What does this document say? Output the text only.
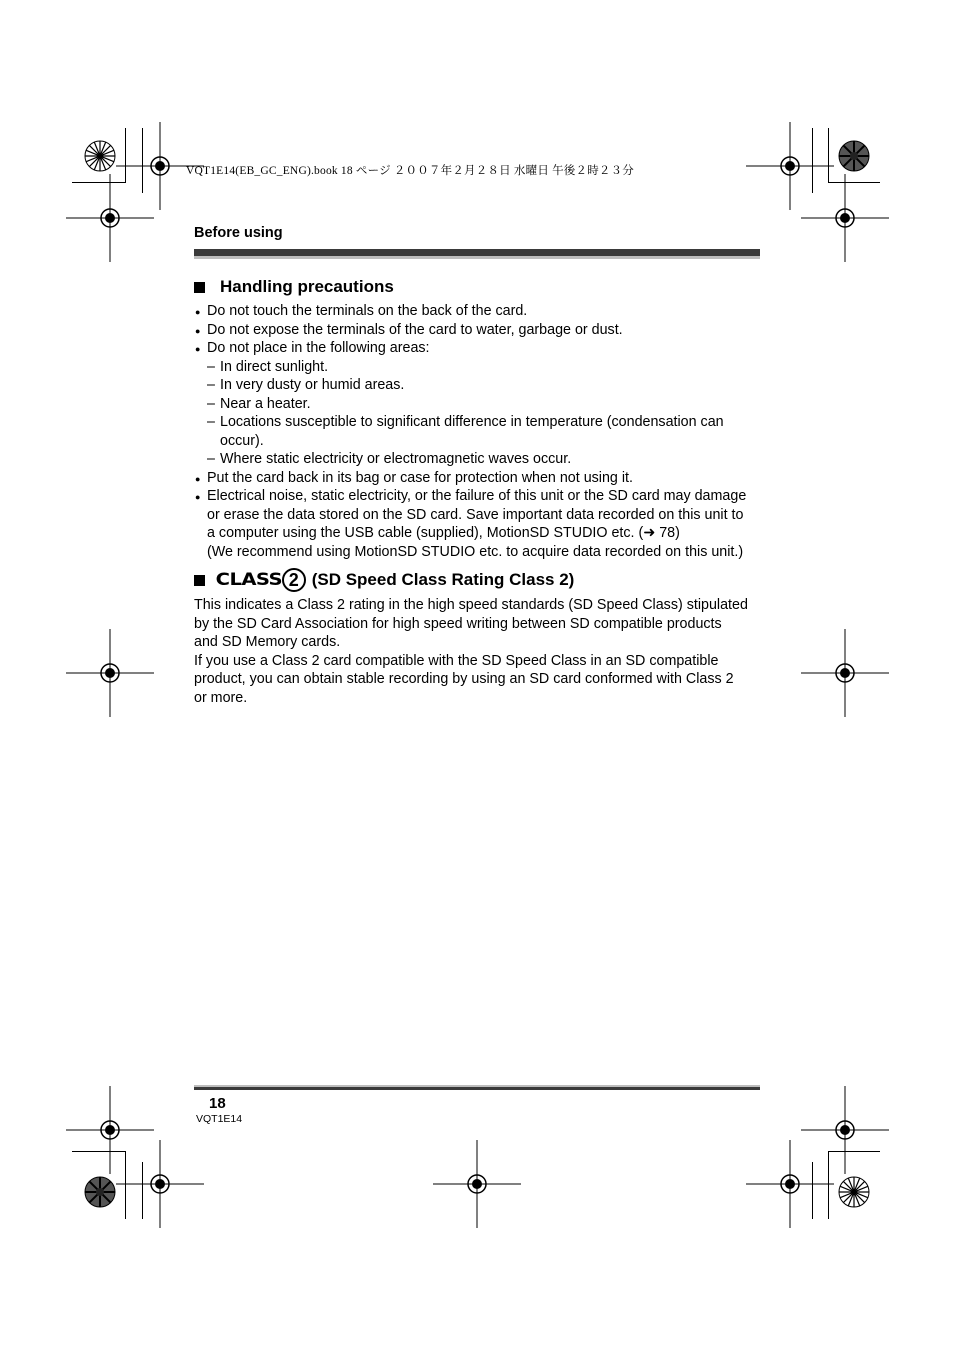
VQT1E14(EB_GC_ENG).book 18 ページ ２００７年２月２８日 水曜日 午後２時２３分
Before using
Handling precautions
● Do not touch the terminals on the back of the card.
● Do not expose the terminals of the card to water, garbage or dust.
● Do not place in the following areas:
– In direct sunlight.
– In very dusty or humid areas.
– Near a heater.
– Locations susceptible to significant difference in temperature (condensation can
occur).
– Where static electricity or electromagnetic waves occur.
● Put the card back in its bag or case for protection when not using it.
● Electrical noise, static electricity, or the failure of this unit or the SD card may damage
or erase the data stored on the SD card. Save important data recorded on this unit to
a computer using the USB cable (supplied), MotionSD STUDIO etc. (➜ 78)
(We recommend using MotionSD STUDIO etc. to acquire data recorded on this unit.)
CLASS 2 (SD Speed Class Rating Class 2)
This indicates a Class 2 rating in the high speed standards (SD Speed Class) stipulated
by the SD Card Association for high speed writing between SD compatible products
and SD Memory cards.
If you use a Class 2 card compatible with the SD Speed Class in an SD compatible
product, you can obtain stable recording by using an SD card conformed with Class 2
or more.
18
VQT1E14
